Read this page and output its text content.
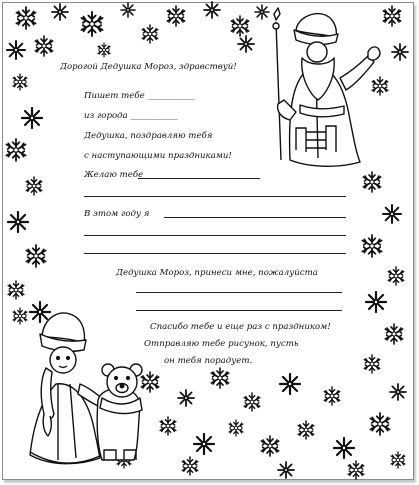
Дорогой Дедушка Мороз, здравствуй!
Пишет тебе ___________
из города ___________
Дедушка, поздравляю тебя
с наступающими праздниками!
Желаю тебе
В этом году я
Дедушка Мороз, принеси мне, пожалуйста
Спасибо тебе и еще раз с праздником!
Отправляю тебе рисунок, пусть
он тебя порадует.
